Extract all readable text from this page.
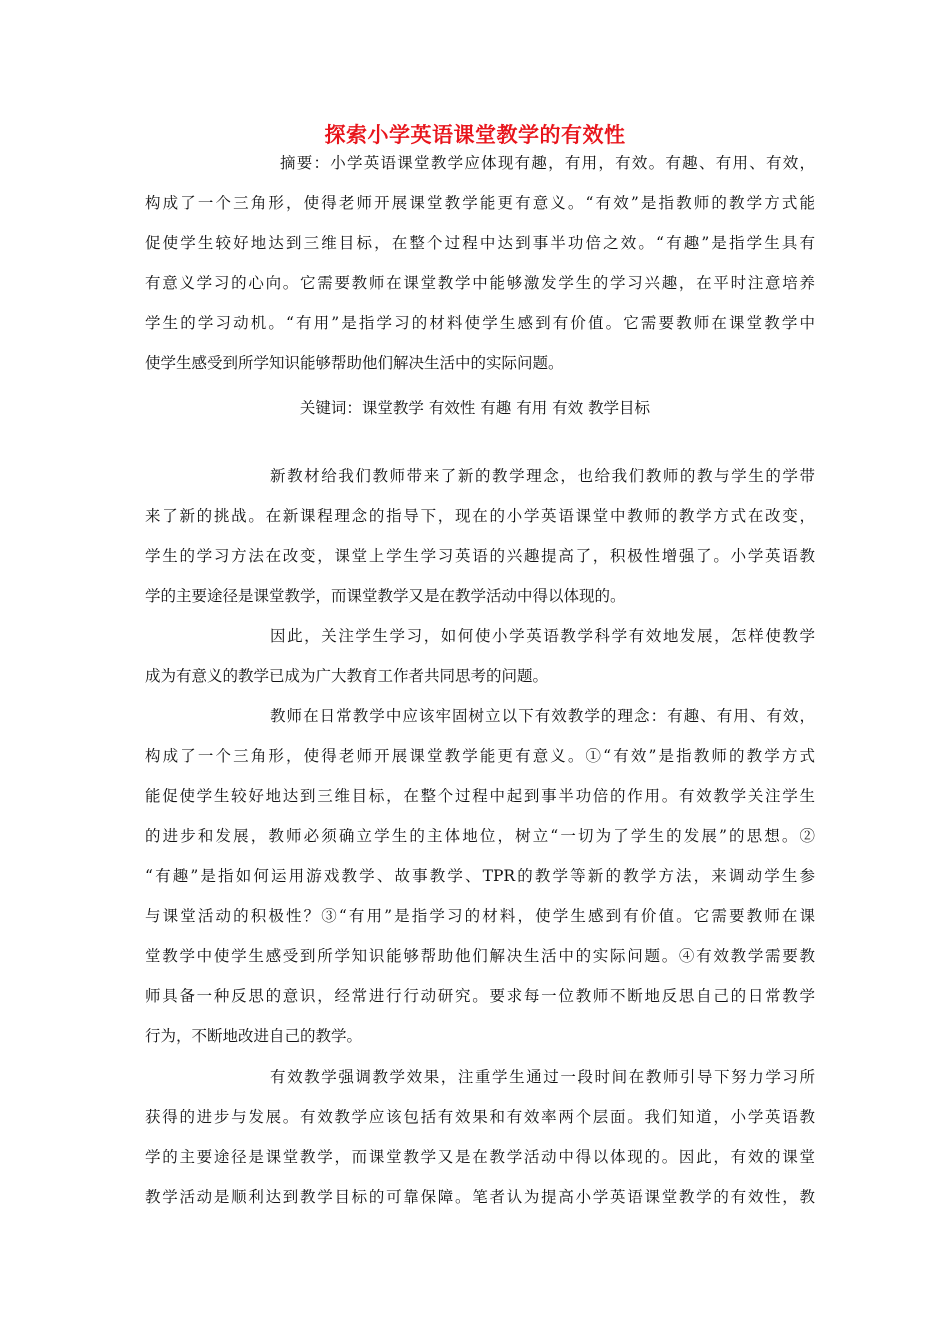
探索小学英语课堂教学的有效性
摘要：小学英语课堂教学应体现有趣，有用，有效。有趣、有用、有效，
构成了一个三角形，使得老师开展课堂教学能更有意义。“有效”是指教师的教学方式能
促使学生较好地达到三维目标，在整个过程中达到事半功倍之效。“有趣”是指学生具有
有意义学习的心向。它需要教师在课堂教学中能够激发学生的学习兴趣，在平时注意培养
学生的学习动机。“有用”是指学习的材料使学生感到有价值。它需要教师在课堂教学中
使学生感受到所学知识能够帮助他们解决生活中的实际问题。
关键词：课堂教学 有效性 有趣 有用 有效 教学目标
新教材给我们教师带来了新的教学理念，也给我们教师的教与学生的学带
来了新的挑战。在新课程理念的指导下，现在的小学英语课堂中教师的教学方式在改变，
学生的学习方法在改变，课堂上学生学习英语的兴趣提高了，积极性增强了。小学英语教
学的主要途径是课堂教学，而课堂教学又是在教学活动中得以体现的。
因此，关注学生学习，如何使小学英语教学科学有效地发展，怎样使教学
成为有意义的教学已成为广大教育工作者共同思考的问题。
教师在日常教学中应该牢固树立以下有效教学的理念：有趣、有用、有效，
构成了一个三角形，使得老师开展课堂教学能更有意义。①“有效”是指教师的教学方式
能促使学生较好地达到三维目标，在整个过程中起到事半功倍的作用。有效教学关注学生
的进步和发展，教师必须确立学生的主体地位，树立“一切为了学生的发展”的思想。②
“有趣”是指如何运用游戏教学、故事教学、TPR的教学等新的教学方法，来调动学生参
与课堂活动的积极性？③“有用”是指学习的材料，使学生感到有价值。它需要教师在课
堂教学中使学生感受到所学知识能够帮助他们解决生活中的实际问题。④有效教学需要教
师具备一种反思的意识，经常进行行动研究。要求每一位教师不断地反思自己的日常教学
行为，不断地改进自己的教学。
有效教学强调教学效果，注重学生通过一段时间在教师引导下努力学习所
获得的进步与发展。有效教学应该包括有效果和有效率两个层面。我们知道，小学英语教
学的主要途径是课堂教学，而课堂教学又是在教学活动中得以体现的。因此，有效的课堂
教学活动是顺利达到教学目标的可靠保障。笔者认为提高小学英语课堂教学的有效性，教
